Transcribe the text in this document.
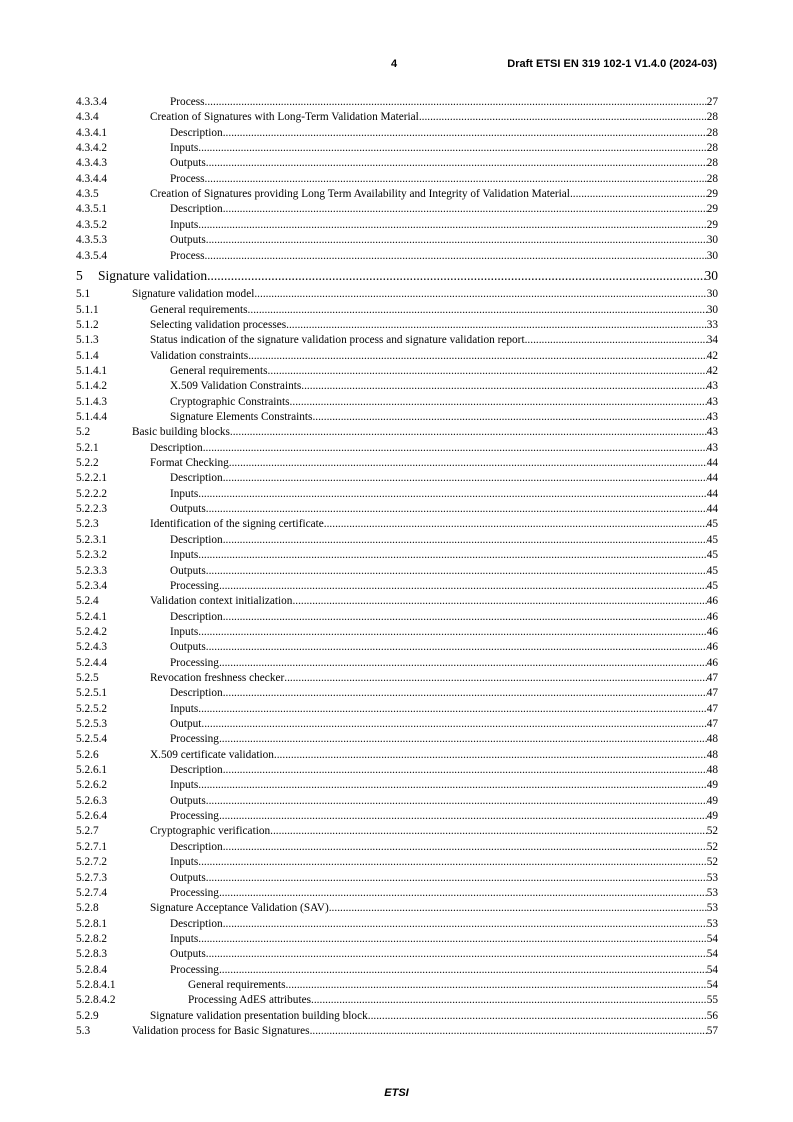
4	Draft ETSI EN 319 102-1 V1.4.0 (2024-03)
4.3.3.4	Process .....	27
4.3.4	Creation of Signatures with Long-Term Validation Material .....	28
4.3.4.1	Description .....	28
4.3.4.2	Inputs .....	28
4.3.4.3	Outputs .....	28
4.3.4.4	Process .....	28
4.3.5	Creation of Signatures providing Long Term Availability and Integrity of Validation Material .....	29
4.3.5.1	Description .....	29
4.3.5.2	Inputs .....	29
4.3.5.3	Outputs .....	30
4.3.5.4	Process .....	30
5 Signature validation .....	30
5.1	Signature validation model .....	30
5.1.1	General requirements .....	30
5.1.2	Selecting validation processes .....	33
5.1.3	Status indication of the signature validation process and signature validation report .....	34
5.1.4	Validation constraints .....	42
5.1.4.1	General requirements .....	42
5.1.4.2	X.509 Validation Constraints .....	43
5.1.4.3	Cryptographic Constraints .....	43
5.1.4.4	Signature Elements Constraints .....	43
5.2	Basic building blocks .....	43
5.2.1	Description .....	43
5.2.2	Format Checking .....	44
5.2.2.1	Description .....	44
5.2.2.2	Inputs .....	44
5.2.2.3	Outputs .....	44
5.2.3	Identification of the signing certificate .....	45
5.2.3.1	Description .....	45
5.2.3.2	Inputs .....	45
5.2.3.3	Outputs .....	45
5.2.3.4	Processing .....	45
5.2.4	Validation context initialization .....	46
5.2.4.1	Description .....	46
5.2.4.2	Inputs .....	46
5.2.4.3	Outputs .....	46
5.2.4.4	Processing .....	46
5.2.5	Revocation freshness checker .....	47
5.2.5.1	Description .....	47
5.2.5.2	Inputs .....	47
5.2.5.3	Output .....	47
5.2.5.4	Processing .....	48
5.2.6	X.509 certificate validation .....	48
5.2.6.1	Description .....	48
5.2.6.2	Inputs .....	49
5.2.6.3	Outputs .....	49
5.2.6.4	Processing .....	49
5.2.7	Cryptographic verification .....	52
5.2.7.1	Description .....	52
5.2.7.2	Inputs .....	52
5.2.7.3	Outputs .....	53
5.2.7.4	Processing .....	53
5.2.8	Signature Acceptance Validation (SAV) .....	53
5.2.8.1	Description .....	53
5.2.8.2	Inputs .....	54
5.2.8.3	Outputs .....	54
5.2.8.4	Processing .....	54
5.2.8.4.1	General requirements .....	54
5.2.8.4.2	Processing AdES attributes .....	55
5.2.9	Signature validation presentation building block .....	56
5.3	Validation process for Basic Signatures .....	57
ETSI
